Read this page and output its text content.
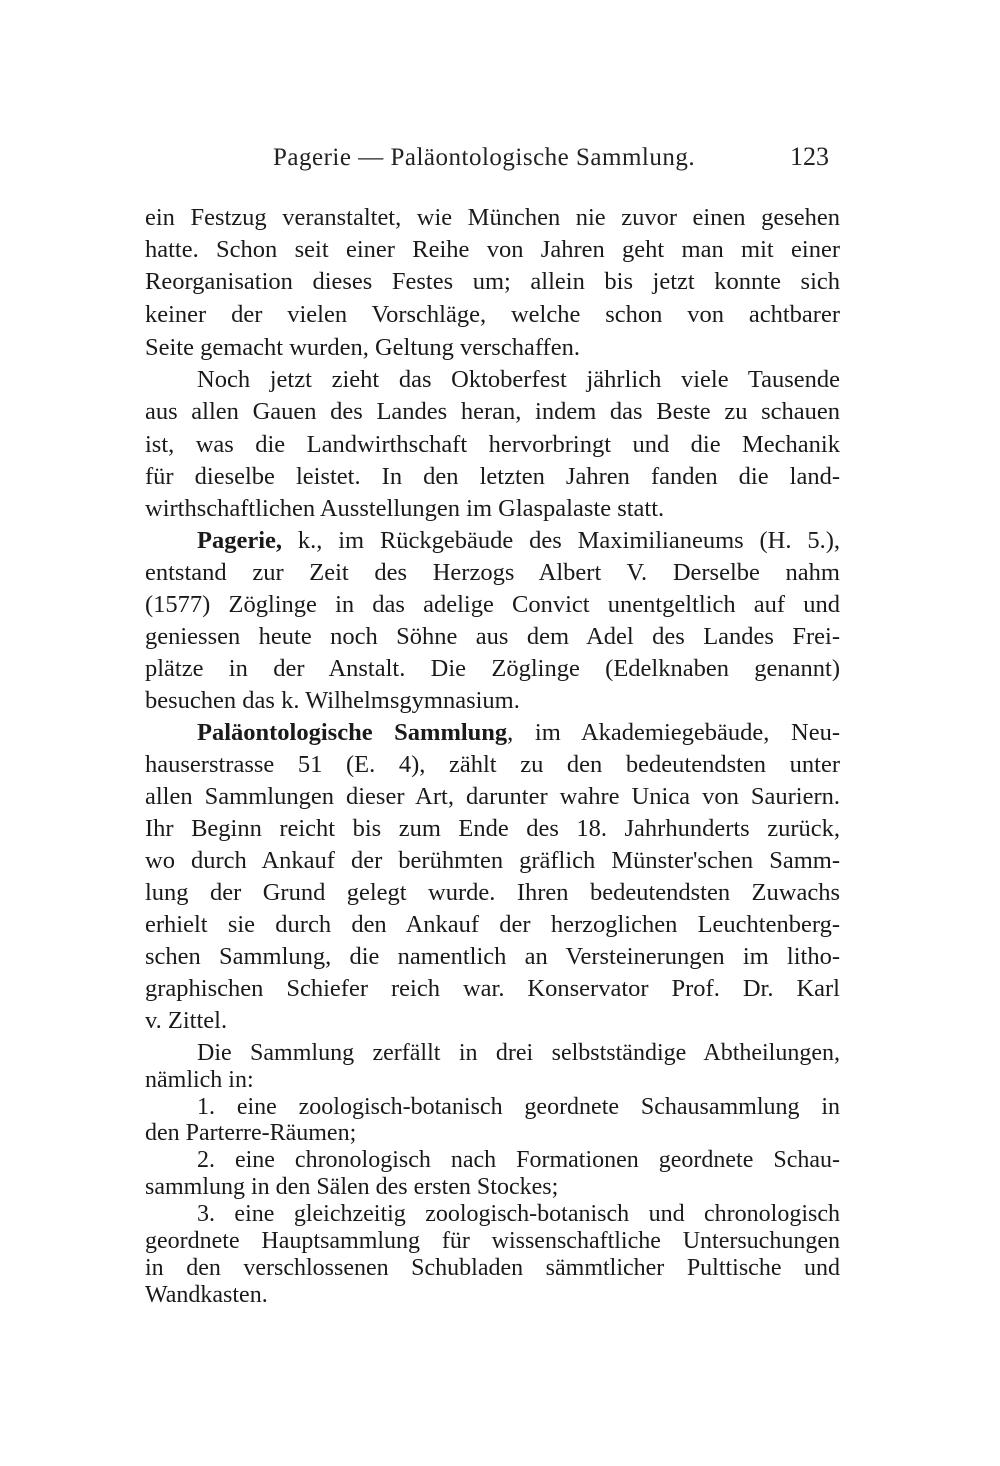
Pagerie — Paläontologische Sammlung.	123
ein Festzug veranstaltet, wie München nie zuvor einen gesehen
hatte. Schon seit einer Reihe von Jahren geht man mit einer
Reorganisation dieses Festes um; allein bis jetzt konnte sich
keiner der vielen Vorschläge, welche schon von achtbarer
Seite gemacht wurden, Geltung verschaffen.
Noch jetzt zieht das Oktoberfest jährlich viele Tausende
aus allen Gauen des Landes heran, indem das Beste zu schauen
ist, was die Landwirthschaft hervorbringt und die Mechanik
für dieselbe leistet. In den letzten Jahren fanden die land-
wirthschaftlichen Ausstellungen im Glaspalaste statt.
Pagerie, k., im Rückgebäude des Maximilianeums (H. 5.),
entstand zur Zeit des Herzogs Albert V. Derselbe nahm
(1577) Zöglinge in das adelige Convict unentgeltlich auf und
geniessen heute noch Söhne aus dem Adel des Landes Frei-
plätze in der Anstalt. Die Zöglinge (Edelknaben genannt)
besuchen das k. Wilhelmsgymnasium.
Paläontologische Sammlung, im Akademiegebäude, Neu-
hauserstrasse 51 (E. 4), zählt zu den bedeutendsten unter
allen Sammlungen dieser Art, darunter wahre Unica von Sauriern.
Ihr Beginn reicht bis zum Ende des 18. Jahrhunderts zurück,
wo durch Ankauf der berühmten gräflich Münster'schen Samm-
lung der Grund gelegt wurde. Ihren bedeutendsten Zuwachs
erhielt sie durch den Ankauf der herzoglichen Leuchtenberg-
schen Sammlung, die namentlich an Versteinerungen im litho-
graphischen Schiefer reich war. Konservator Prof. Dr. Karl
v. Zittel.
Die Sammlung zerfällt in drei selbstständige Abtheilungen,
nämlich in:
1. eine zoologisch-botanisch geordnete Schausammlung in
den Parterre-Räumen;
2. eine chronologisch nach Formationen geordnete Schau-
sammlung in den Sälen des ersten Stockes;
3. eine gleichzeitig zoologisch-botanisch und chronologisch
geordnete Hauptsammlung für wissenschaftliche Untersuchungen
in den verschlossenen Schubladen sämmtlicher Pulttische und
Wandkasten.
